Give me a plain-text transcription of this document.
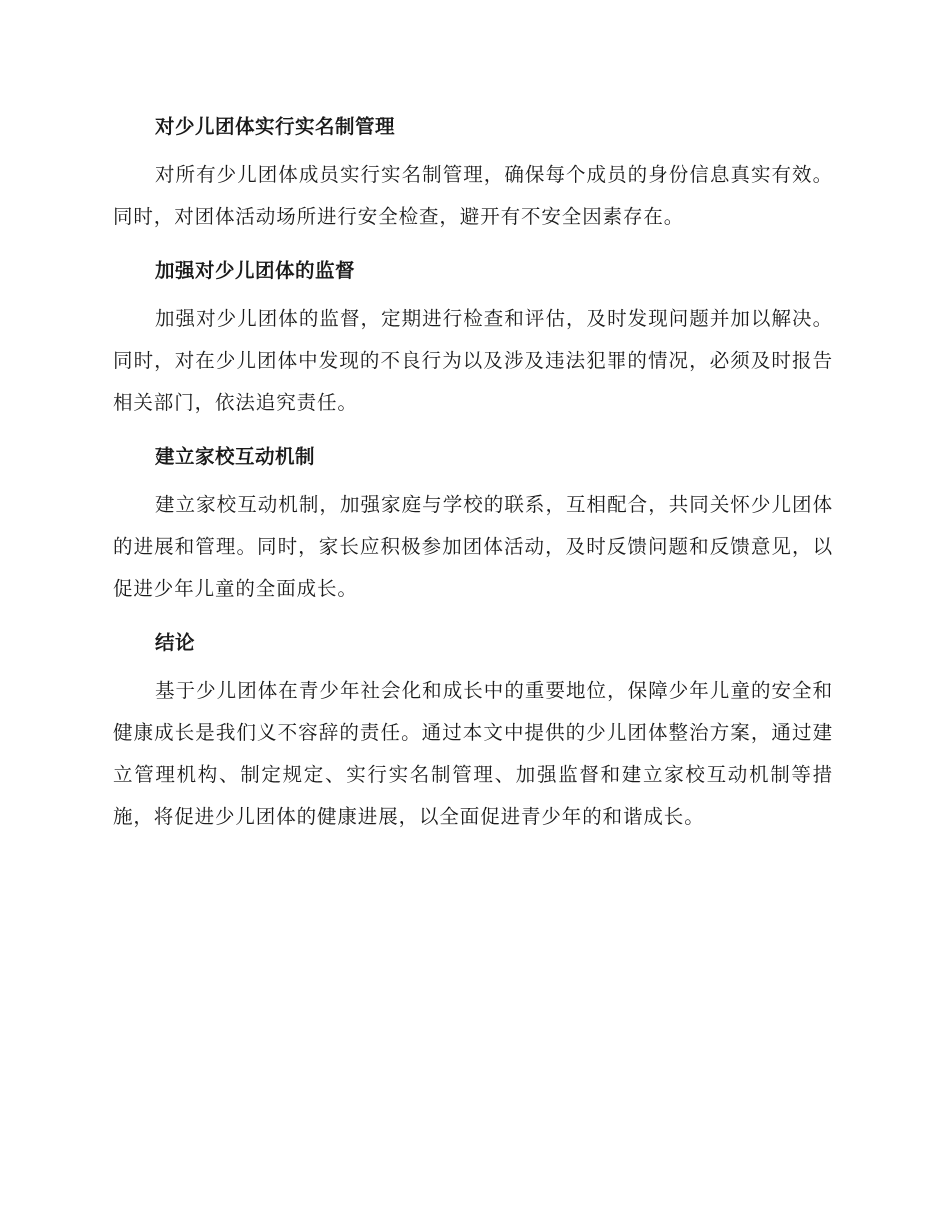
对少儿团体实行实名制管理

对所有少儿团体成员实行实名制管理，确保每个成员的身份信息真实有效。同时，对团体活动场所进行安全检查，避开有不安全因素存在。

加强对少儿团体的监督

加强对少儿团体的监督，定期进行检查和评估，及时发现问题并加以解决。同时，对在少儿团体中发现的不良行为以及涉及违法犯罪的情况，必须及时报告相关部门，依法追究责任。

建立家校互动机制

建立家校互动机制，加强家庭与学校的联系，互相配合，共同关怀少儿团体的进展和管理。同时，家长应积极参加团体活动，及时反馈问题和反馈意见，以促进少年儿童的全面成长。

结论

基于少儿团体在青少年社会化和成长中的重要地位，保障少年儿童的安全和健康成长是我们义不容辞的责任。通过本文中提供的少儿团体整治方案，通过建立管理机构、制定规定、实行实名制管理、加强监督和建立家校互动机制等措施，将促进少儿团体的健康进展，以全面促进青少年的和谐成长。
